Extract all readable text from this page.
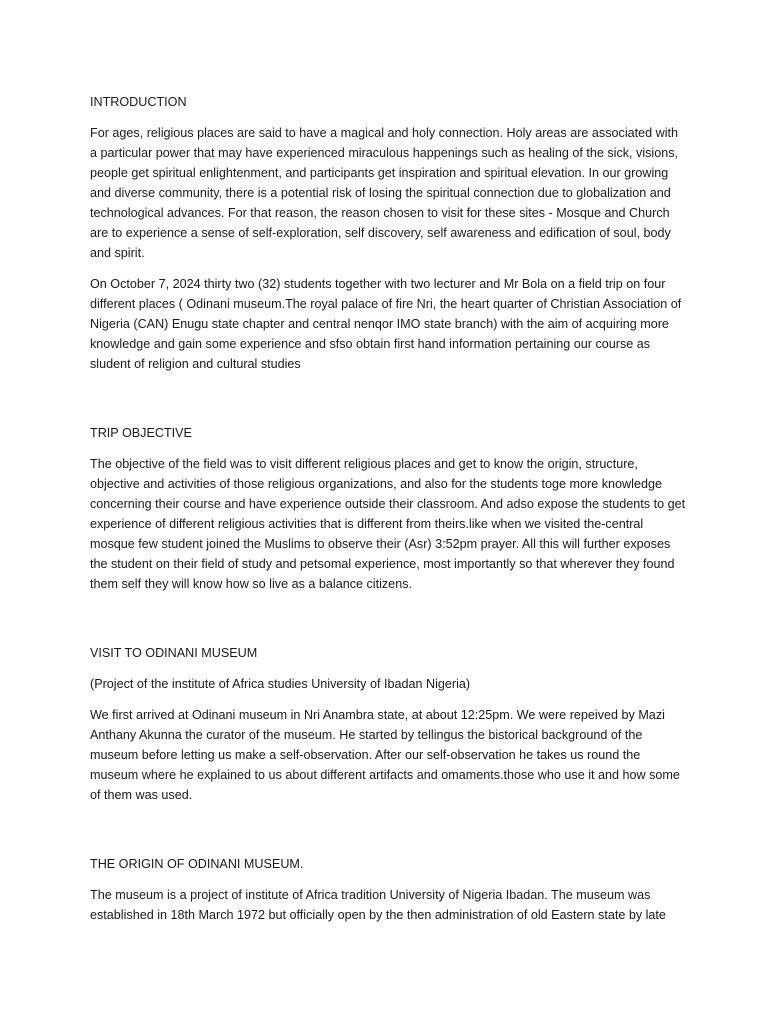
INTRODUCTION

For ages, religious places are said to have a magical and holy connection. Holy areas are associated with a particular power that may have experienced miraculous happenings such as healing of the sick, visions, people get spiritual enlightenment, and participants get inspiration and spiritual elevation. In our growing and diverse community, there is a potential risk of losing the spiritual connection due to globalization and technological advances. For that reason, the reason chosen to visit for these sites - Mosque and Church are to experience a sense of self-exploration, self discovery, self awareness and edification of soul, body and spirit.

On October 7, 2024 thirty two (32) students together with two lecturer and Mr Bola on a field trip on four different places ( Odinani museum.The royal palace of fire Nri, the heart quarter of Christian Association of Nigeria (CAN) Enugu state chapter and central nenqor IMO state branch) with the aim of acquiring more knowledge and gain some experience and sfso obtain first hand information pertaining our course as sludent of religion and cultural studies

TRIP OBJECTIVE

The objective of the field was to visit different religious places and get to know the origin, structure, objective and activities of those religious organizations, and also for the students toge more knowledge concerning their course and have experience outside their classroom. And adso expose the students to get experience of different religious activities that is different from theirs.like when we visited the-central mosque few student joined the Muslims to observe their (Asr) 3:52pm prayer. All this will further exposes the student on their field of study and petsomal experience, most importantly so that wherever they found them self they will know how so live as a balance citizens.

VISIT TO ODINANI MUSEUM

(Project of the institute of Africa studies University of Ibadan Nigeria)

We first arrived at Odinani museum in Nri Anambra state, at about 12:25pm. We were repeived by Mazi Anthany Akunna the curator of the museum. He started by tellingus the bistorical background of the museum before letting us make a self-observation. After our self-observation he takes us round the museum where he explained to us about different artifacts and omaments.those who use it and how some of them was used.

THE ORIGIN OF ODINANI MUSEUM.

The museum is a project of institute of Africa tradition University of Nigeria Ibadan. The museum was established in 18th March 1972 but officially open by the then administration of old Eastern state by late
